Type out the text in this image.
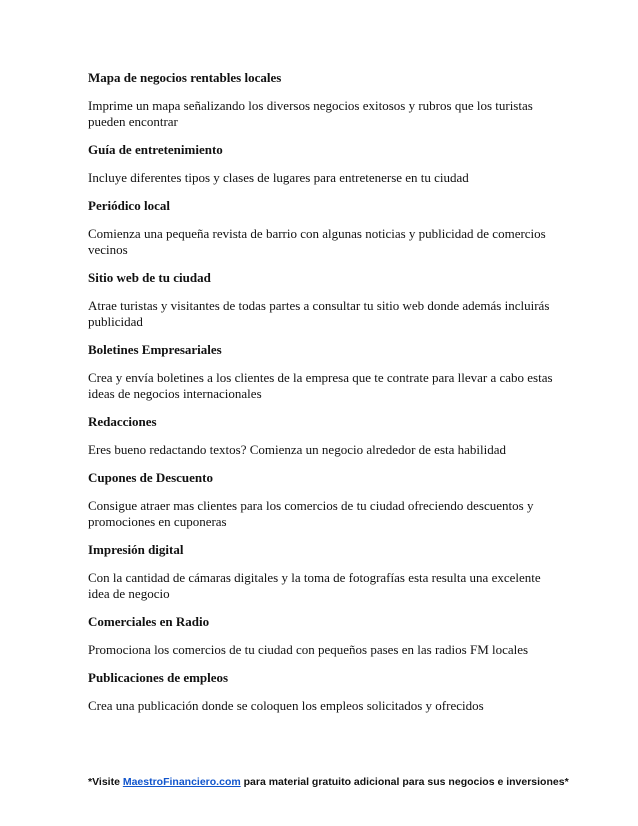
Mapa de negocios rentables locales

Imprime un mapa señalizando los diversos negocios exitosos y rubros que los turistas pueden encontrar

Guía de entretenimiento

Incluye diferentes tipos y clases de lugares para entretenerse en tu ciudad

Periódico local

Comienza una pequeña revista de barrio con algunas noticias y publicidad de comercios vecinos

Sitio web de tu ciudad

Atrae turistas y visitantes de todas partes a consultar tu sitio web donde además incluirás publicidad

Boletines Empresariales

Crea y envía boletines a los clientes de la empresa que te contrate para llevar a cabo estas ideas de negocios internacionales

Redacciones

Eres bueno redactando textos? Comienza un negocio alrededor de esta habilidad

Cupones de Descuento

Consigue atraer mas clientes para los comercios de tu ciudad ofreciendo descuentos y promociones en cuponeras

Impresión digital

Con la cantidad de cámaras digitales y la toma de fotografías esta resulta una excelente idea de negocio

Comerciales en Radio

Promociona los comercios de tu ciudad con pequeños pases en las radios FM locales

Publicaciones de empleos

Crea una publicación donde se coloquen los empleos solicitados y ofrecidos

*Visite MaestroFinanciero.com para material gratuito adicional para sus negocios e inversiones*
